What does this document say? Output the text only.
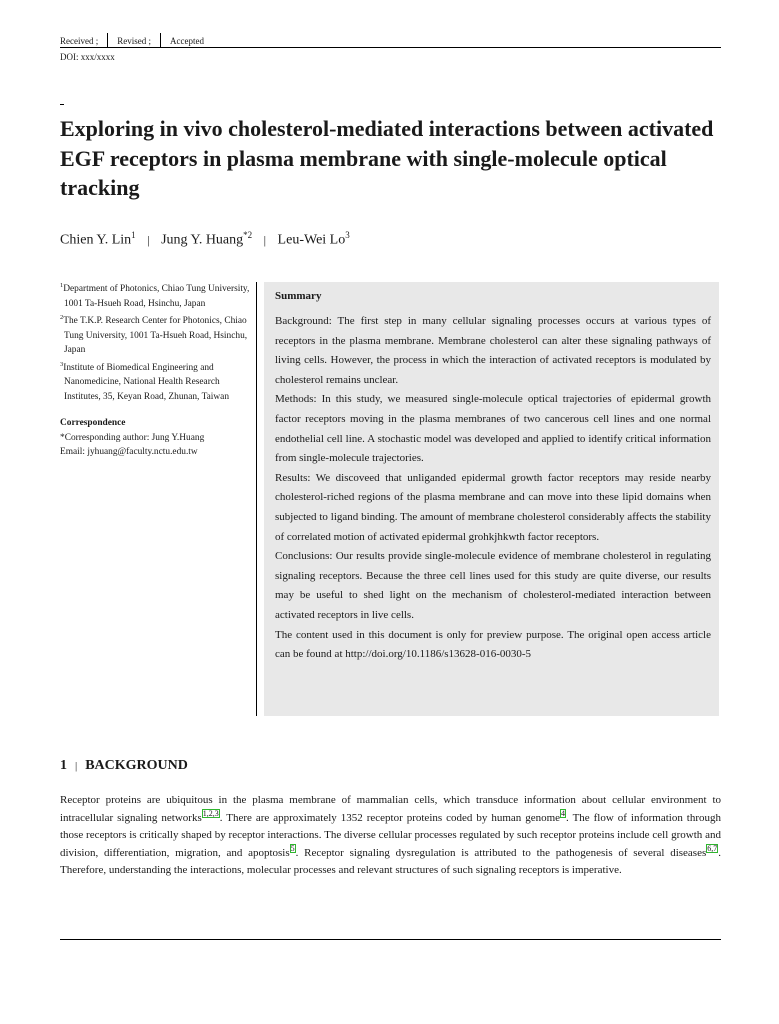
Received ; Revised ; Accepted
DOI: xxx/xxxx
Exploring in vivo cholesterol-mediated interactions between activated EGF receptors in plasma membrane with single-molecule optical tracking
Chien Y. Lin$^1$ | Jung Y. Huang$^{*2}$ | Leu-Wei Lo$^3$
$^1$Department of Photonics, Chiao Tung University, 1001 Ta-Hsueh Road, Hsinchu, Japan
$^2$The T.K.P. Research Center for Photonics, Chiao Tung University, 1001 Ta-Hsueh Road, Hsinchu, Japan
$^3$Institute of Biomedical Engineering and Nanomedicine, National Health Research Institutes, 35, Keyan Road, Zhunan, Taiwan
Correspondence
*Corresponding author: Jung Y.Huang
Email: jyhuang@faculty.nctu.edu.tw
Summary

Background: The first step in many cellular signaling processes occurs at various types of receptors in the plasma membrane. Membrane cholesterol can alter these signaling pathways of living cells. However, the process in which the interaction of activated receptors is modulated by cholesterol remains unclear.

Methods: In this study, we measured single-molecule optical trajectories of epidermal growth factor receptors moving in the plasma membranes of two cancerous cell lines and one normal endothelial cell line. A stochastic model was developed and applied to identify critical information from single-molecule trajectories.

Results: We discoveed that unliganded epidermal growth factor receptors may reside nearby cholesterol-riched regions of the plasma membrane and can move into these lipid domains when subjected to ligand binding. The amount of membrane cholesterol considerably affects the stability of correlated motion of activated epidermal grohkjhkwth factor receptors.

Conclusions: Our results provide single-molecule evidence of membrane cholesterol in regulating signaling receptors. Because the three cell lines used for this study are quite diverse, our results may be useful to shed light on the mechanism of cholesterol-mediated interaction between activated receptors in live cells.

The content used in this document is only for preview purpose. The original open access article can be found at http://doi.org/10.1186/s13628-016-0030-5

1 | BACKGROUND

Receptor proteins are ubiquitous in the plasma membrane of mammalian cells, which transduce information about cellular environment to intracellular signaling networks$^{1,2,3}$. There are approximately 1352 receptor proteins coded by human genome$^4$. The flow of information through those receptors is critically shaped by receptor interactions. The diverse cellular processes regulated by such receptor proteins include cell growth and division, differentiation, migration, and apoptosis$^5$. Receptor signaling dysregulation is attributed to the pathogenesis of several diseases$^{6,7}$. Therefore, understanding the interactions, molecular processes and relevant structures of such signaling receptors is imperative.
